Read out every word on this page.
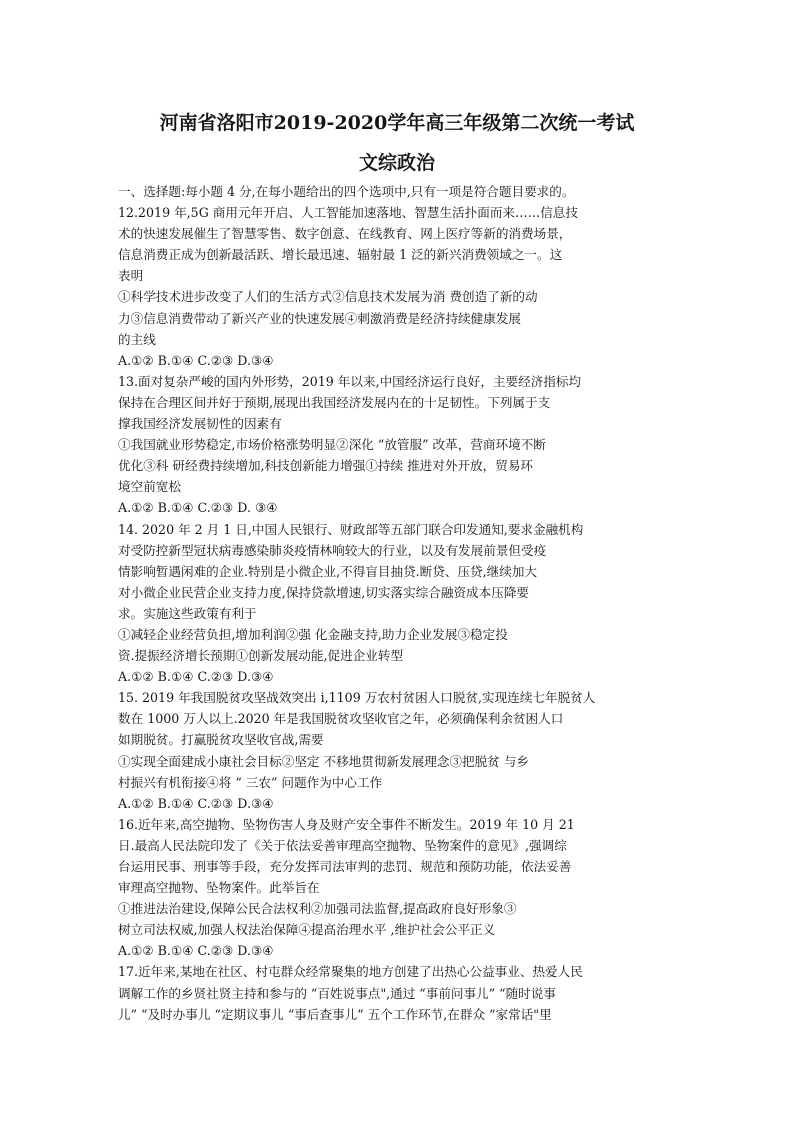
河南省洛阳市2019-2020学年高三年级第二次统一考试
文综政治
一、选择题:每小题 4 分,在每小题给出的四个选项中,只有一项是符合题目要求的。
12.2019 年,5G 商用元年开启、人工智能加速落地、智慧生活扑面而来……信息技
术的快速发展催生了智慧零售、数字创意、在线教育、网上医疗等新的消费场景，
信息消费正成为创新最活跃、增长最迅速、辐射最 1 泛的新兴消费领域之一。这
表明
①科学技术进步改变了人们的生活方式②信息技术发展为消 费创造了新的动
力③信息消费带动了新兴产业的快速发展④刺激消费是经济持续健康发展
的主线
A.①② B.①④ C.②③ D.③④
13.面对复杂严峻的国内外形势，2019 年以来,中国经济运行良好，主要经济指标均
保持在合理区间并好于预期,展现出我国经济发展内在的十足韧性。下列属于支
撑我国经济发展韧性的因素有
①我国就业形势稳定,市场价格涨势明显②深化 “放管服” 改革，营商环境不断
优化③科 研经费持续增加,科技创新能力增强①持续 推进对外开放，贸易环
境空前宽松
A.①② B.①④ C.②③ D. ③④
14. 2020 年 2 月 1 日,中国人民银行、财政部等五部门联合印发通知,要求金融机构
对受防控新型冠状病毒感染肺炎疫情林响较大的行业，以及有发展前景但受疫
情影响暂遇闲难的企业.特别是小微企业,不得盲目抽贷.断贷、压贷,继续加大
对小微企业民营企业支持力度,保持贷款增速,切实落实综合融资成本压降要
求。实施这些政策有利于
①减轻企业经营负担,增加利润②强 化金融支持,助力企业发展③稳定投
资.提振经济增长预期①创新发展动能,促进企业转型
A.①② B.①④ C.②③ D.③④
15. 2019 年我国脱贫攻坚战效突出 i,1109 万农村贫困人口脱贫,实现连续七年脱贫人
数在 1000 万人以上.2020 年是我国脱贫攻坚收官之年，必须确保利余贫困人口
如期脱贫。打赢脱贫攻坚收官战,需要
①实现全面建成小康社会目标②坚定 不移地贯彻新发展理念③把脱贫 与乡
村振兴有机衔接④将 “ 三农” 问题作为中心工作
A.①② B.①④ C.②③ D.③④
16.近年来,高空抛物、坠物伤害人身及财产安全事件不断发生。2019 年 10 月 21
日.最高人民法院印发了《关于依法妥善审理高空抛物、坠物案件的意见》,强调综
台运用民事、刑事等手段，充分发挥司法审判的悲罚、规范和预防功能，依法妥善
审理高空抛物、坠物案件。此举旨在
①推进法治建设,保障公民合法权利②加强司法监督,提高政府良好形象③
树立司法权威,加强人权法治保障④提高治理水平 ,维护社会公平正义
A.①② B.①④ C.②③ D.③④
17.近年来,某地在社区、村屯群众经常聚集的地方创建了出热心公益事业、热爱人民
调解工作的乡贤社贤主持和参与的 “百姓说事点",通过 “事前问事儿” “随时说事
儿” “及时办事儿 “定期议事儿 “事后查事儿” 五个工作环节,在群众 “家常话"里
